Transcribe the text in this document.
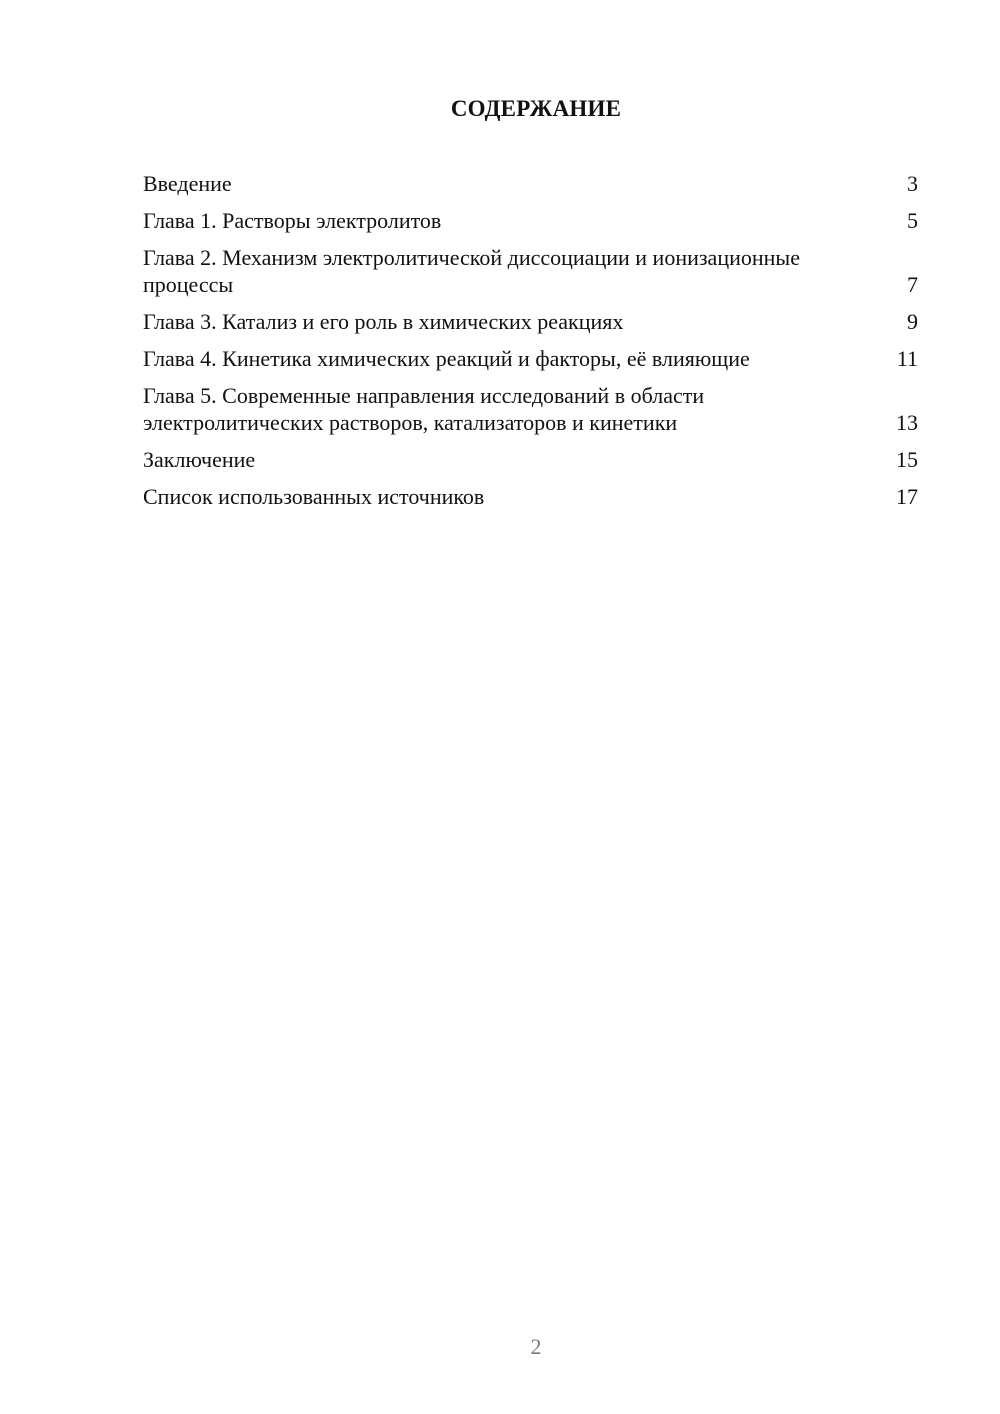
СОДЕРЖАНИЕ
Введение	3
Глава 1. Растворы электролитов	5
Глава 2. Механизм электролитической диссоциации и ионизационные процессы	7
Глава 3. Катализ и его роль в химических реакциях	9
Глава 4. Кинетика химических реакций и факторы, её влияющие	11
Глава 5. Современные направления исследований в области электролитических растворов, катализаторов и кинетики	13
Заключение	15
Список использованных источников	17
2
